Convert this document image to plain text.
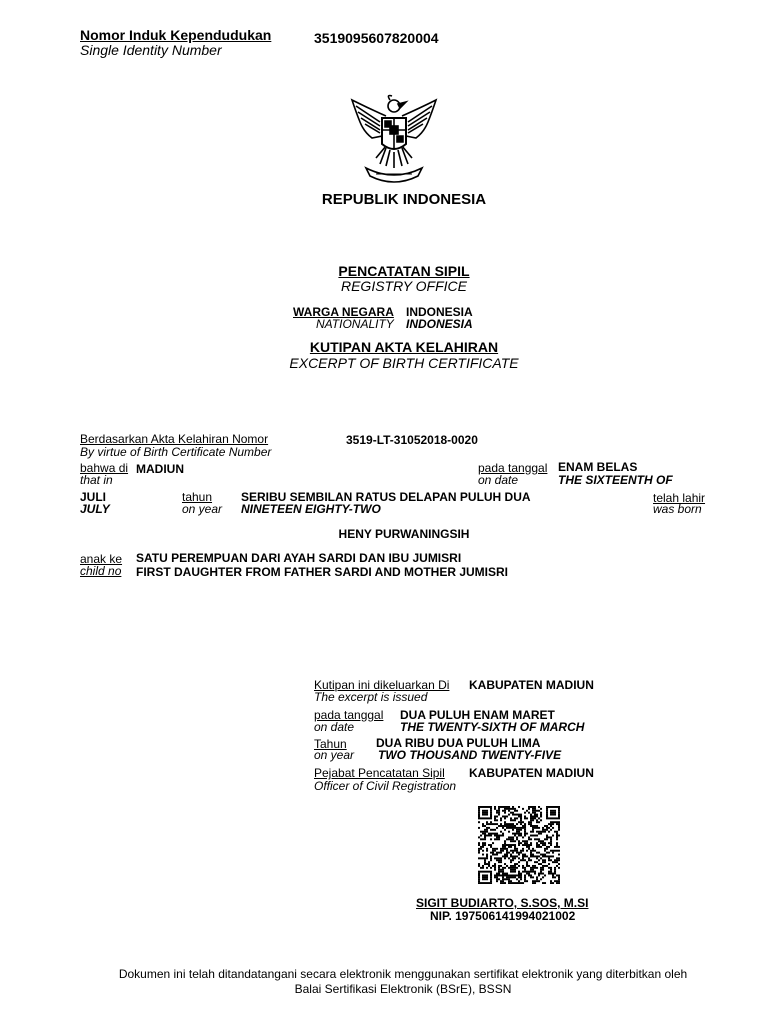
Nomor Induk Kependudukan
Single Identity Number
3519095607820004
REPUBLIK INDONESIA
PENCATATAN SIPIL
REGISTRY OFFICE
WARGA NEGARA INDONESIA
NATIONALITY INDONESIA
KUTIPAN AKTA KELAHIRAN
EXCERPT OF BIRTH CERTIFICATE
Berdasarkan Akta Kelahiran Nomor
By virtue of Birth Certificate Number
3519-LT-31052018-0020
bahwa di MADIUN
that in
pada tanggal
on date
ENAM BELAS
THE SIXTEENTH OF
JULI
JULY
tahun
on year
SERIBU SEMBILAN RATUS DELAPAN PULUH DUA
NINETEEN EIGHTY-TWO
telah lahir
was born
HENY PURWANINGSIH
anak ke
child no
SATU PEREMPUAN DARI AYAH SARDI DAN IBU JUMISRI
FIRST DAUGHTER FROM FATHER SARDI AND MOTHER JUMISRI
Kutipan ini dikeluarkan Di
The excerpt is issued
KABUPATEN MADIUN
pada tanggal
on date
DUA PULUH ENAM MARET
THE TWENTY-SIXTH OF MARCH
Tahun
on year
DUA RIBU DUA PULUH LIMA
TWO THOUSAND TWENTY-FIVE
Pejabat Pencatatan Sipil
Officer of Civil Registration
KABUPATEN MADIUN
SIGIT BUDIARTO, S.SOS, M.SI
NIP. 197506141994021002
Dokumen ini telah ditandatangani secara elektronik menggunakan sertifikat elektronik yang diterbitkan oleh
Balai Sertifikasi Elektronik (BSrE), BSSN
